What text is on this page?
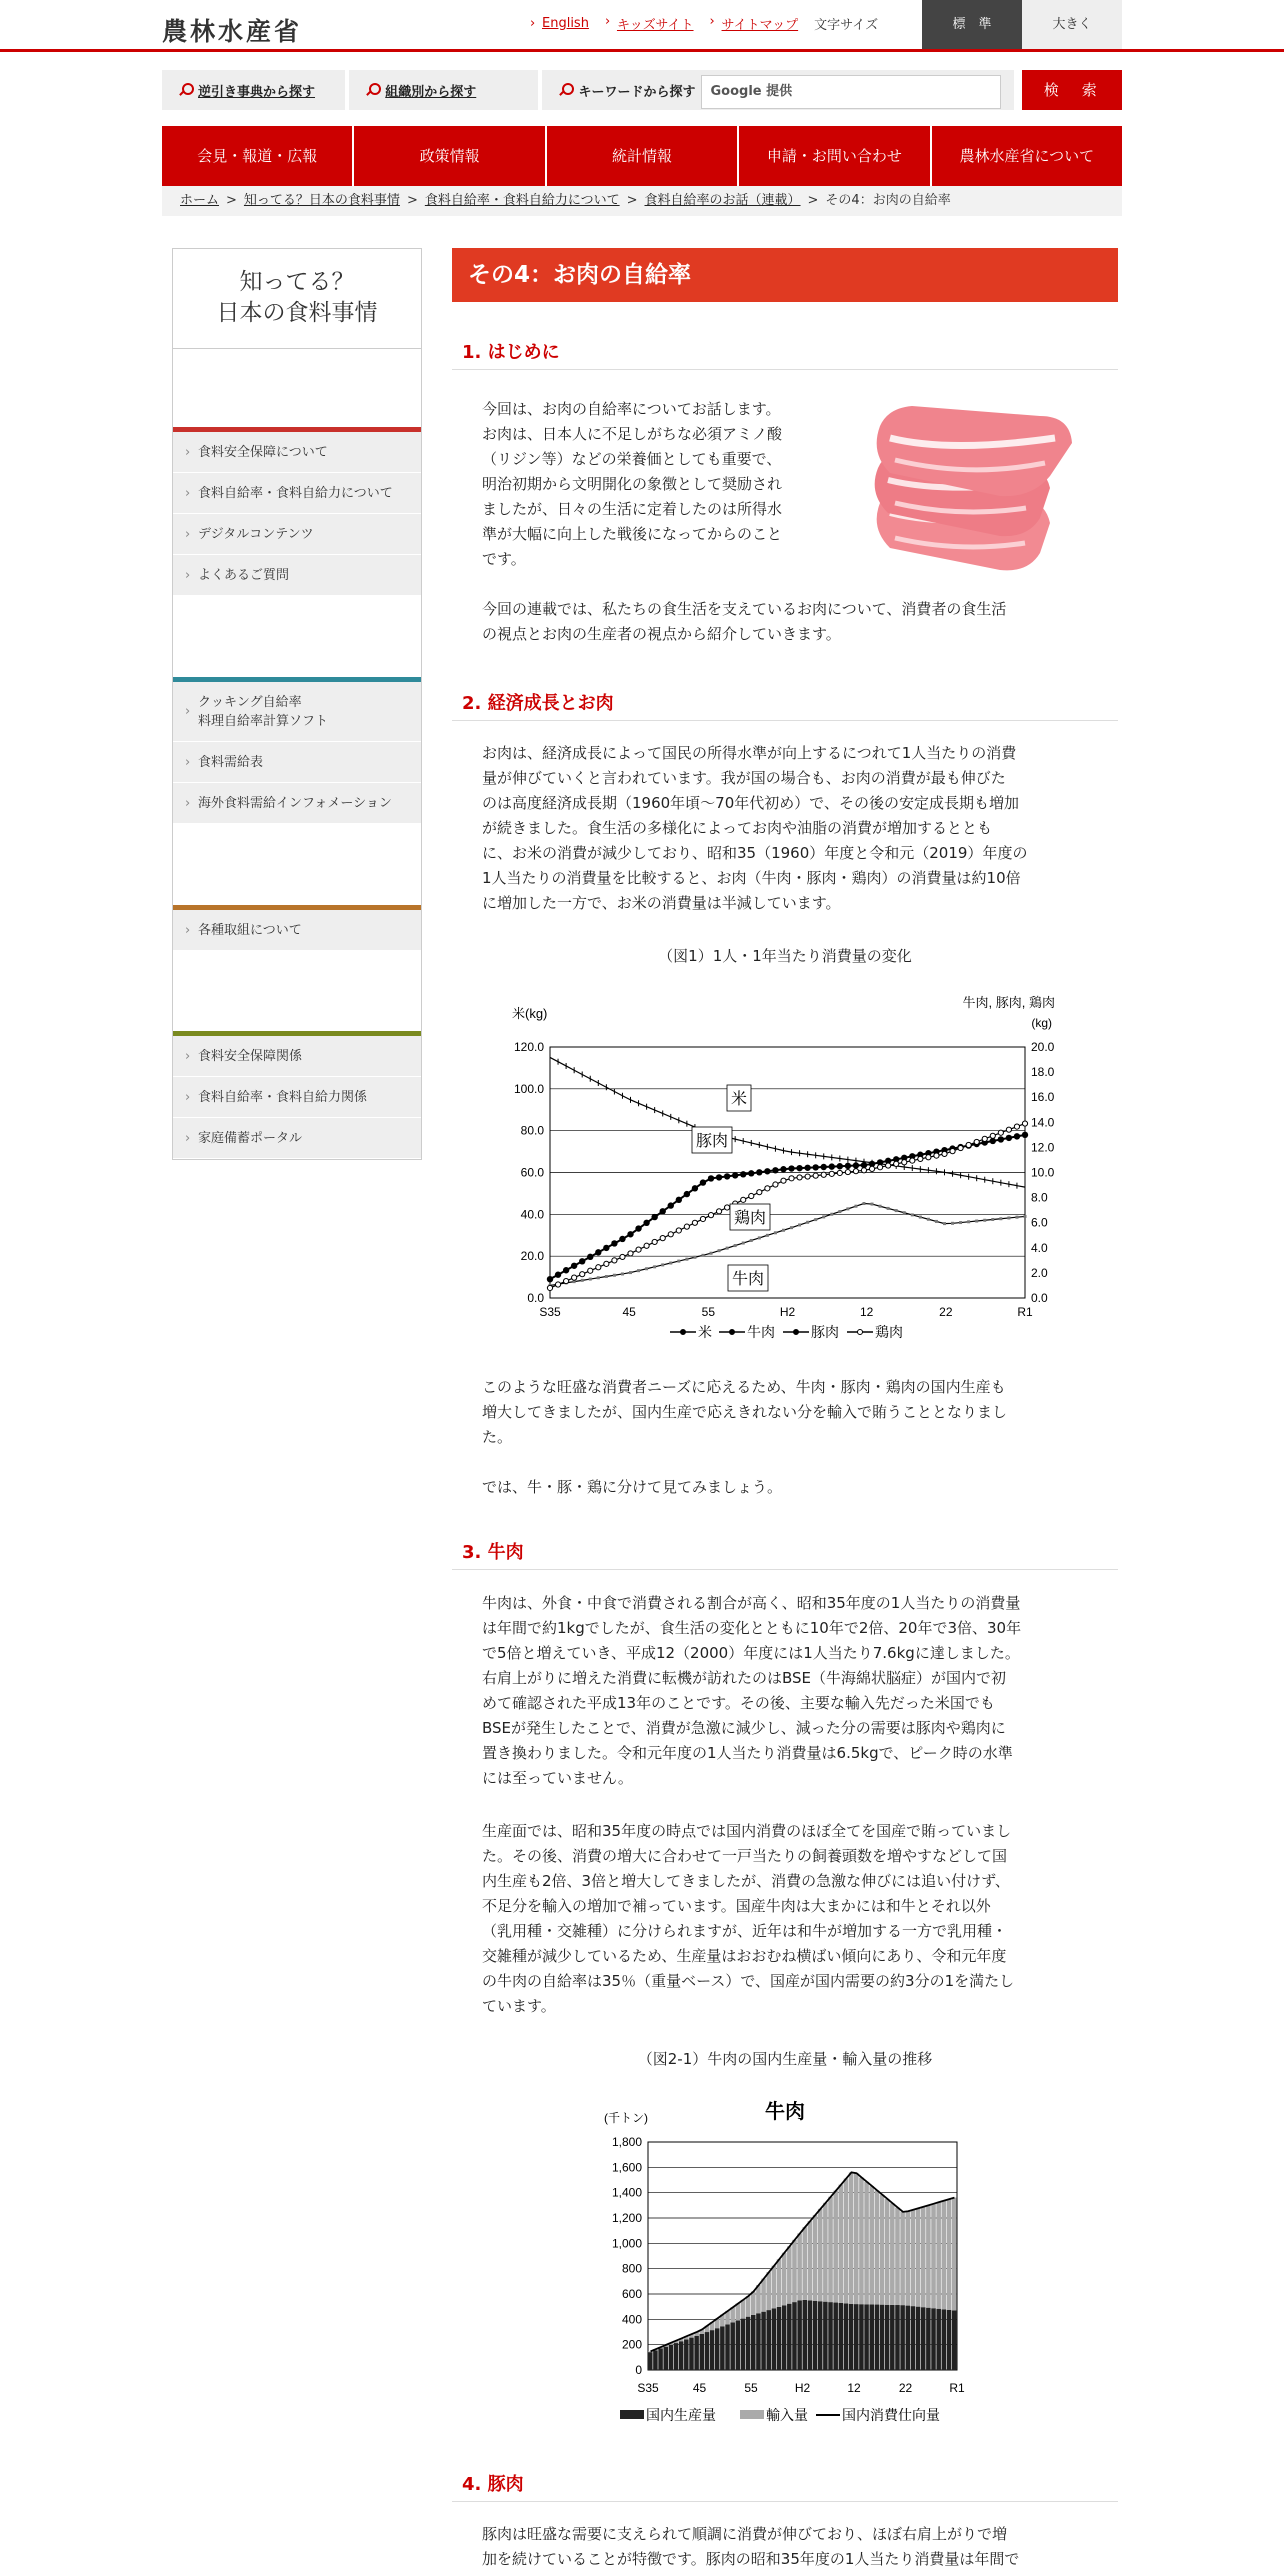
農林水産省	› English	› キッズサイト	› サイトマップ 文字サイズ	標　準	大きく
逆引き事典から探す	組織別から探す	キーワードから探す	Google 提供	検　索
会見・報道・広報	政策情報	統計情報	申請・お問い合わせ	農林水産省について
ホーム > 知ってる？日本の食料事情 > 食料自給率・食料自給力について > 食料自給率のお話（連載） > その4：お肉の自給率
知ってる？
日本の食料事情
› 食料安全保障について
› 食料自給率・食料自給力について
› デジタルコンテンツ
› よくあるご質問
› クッキング自給率
料理自給率計算ソフト
› 食料需給表
› 海外食料需給インフォメーション
› 各種取組について
› 食料安全保障関係
› 食料自給率・食料自給力関係
› 家庭備蓄ポータル
その4：お肉の自給率
1. はじめに
今回は、お肉の自給率についてお話します。
お肉は、日本人に不足しがちな必須アミノ酸
（リジン等）などの栄養価としても重要で、
明治初期から文明開化の象徴として奨励され
ましたが、日々の生活に定着したのは所得水
準が大幅に向上した戦後になってからのこと
です。
今回の連載では、私たちの食生活を支えているお肉について、消費者の食生活
の視点とお肉の生産者の視点から紹介していきます。
2. 経済成長とお肉
お肉は、経済成長によって国民の所得水準が向上するにつれて1人当たりの消費
量が伸びていくと言われています。我が国の場合も、お肉の消費が最も伸びた
のは高度経済成長期（1960年頃～70年代初め）で、その後の安定成長期も増加
が続きました。食生活の多様化によってお肉や油脂の消費が増加するととも
に、お米の消費が減少しており、昭和35（1960）年度と令和元（2019）年度の
1人当たりの消費量を比較すると、お肉（牛肉・豚肉・鶏肉）の消費量は約10倍
に増加した一方で、お米の消費量は半減しています。
（図1）1人・1年当たり消費量の変化
米(kg)
牛肉, 豚肉, 鶏肉
(kg)
120.0
100.0
80.0
60.0
40.0
20.0
0.0
20.0
18.0
16.0
14.0
12.0
10.0
8.0
6.0
4.0
2.0
0.0
S35	45	55	H2	12	22	R1
米
豚肉
鶏肉
牛肉
米	牛肉	豚肉	鶏肉
このような旺盛な消費者ニーズに応えるため、牛肉・豚肉・鶏肉の国内生産も
増大してきましたが、国内生産で応えきれない分を輸入で賄うこととなりまし
た。
では、牛・豚・鶏に分けて見てみましょう。
3. 牛肉
牛肉は、外食・中食で消費される割合が高く、昭和35年度の1人当たりの消費量
は年間で約1kgでしたが、食生活の変化とともに10年で2倍、20年で3倍、30年
で5倍と増えていき、平成12（2000）年度には1人当たり7.6kgに達しました。
右肩上がりに増えた消費に転機が訪れたのはBSE（牛海綿状脳症）が国内で初
めて確認された平成13年のことです。その後、主要な輸入先だった米国でも
BSEが発生したことで、消費が急激に減少し、減った分の需要は豚肉や鶏肉に
置き換わりました。令和元年度の1人当たり消費量は6.5kgで、ピーク時の水準
には至っていません。
生産面では、昭和35年度の時点では国内消費のほぼ全てを国産で賄っていまし
た。その後、消費の増大に合わせて一戸当たりの飼養頭数を増やすなどして国
内生産も2倍、3倍と増大してきましたが、消費の急激な伸びには追い付けず、
不足分を輸入の増加で補っています。国産牛肉は大まかには和牛とそれ以外
（乳用種・交雑種）に分けられますが、近年は和牛が増加する一方で乳用種・
交雑種が減少しているため、生産量はおおむね横ばい傾向にあり、令和元年度
の牛肉の自給率は35％（重量ベース）で、国産が国内需要の約3分の1を満たし
ています。
（図2-1）牛肉の国内生産量・輸入量の推移
(千トン)	牛肉
1,800
1,600
1,400
1,200
1,000
800
600
400
200
0
S35	45	55	H2	12	22	R1
国内生産量	輸入量 国内消費仕向量
4. 豚肉
豚肉は旺盛な需要に支えられて順調に消費が伸びており、ほぼ右肩上がりで増
加を続けていることが特徴です。豚肉の昭和35年度の1人当たり消費量は年間で
